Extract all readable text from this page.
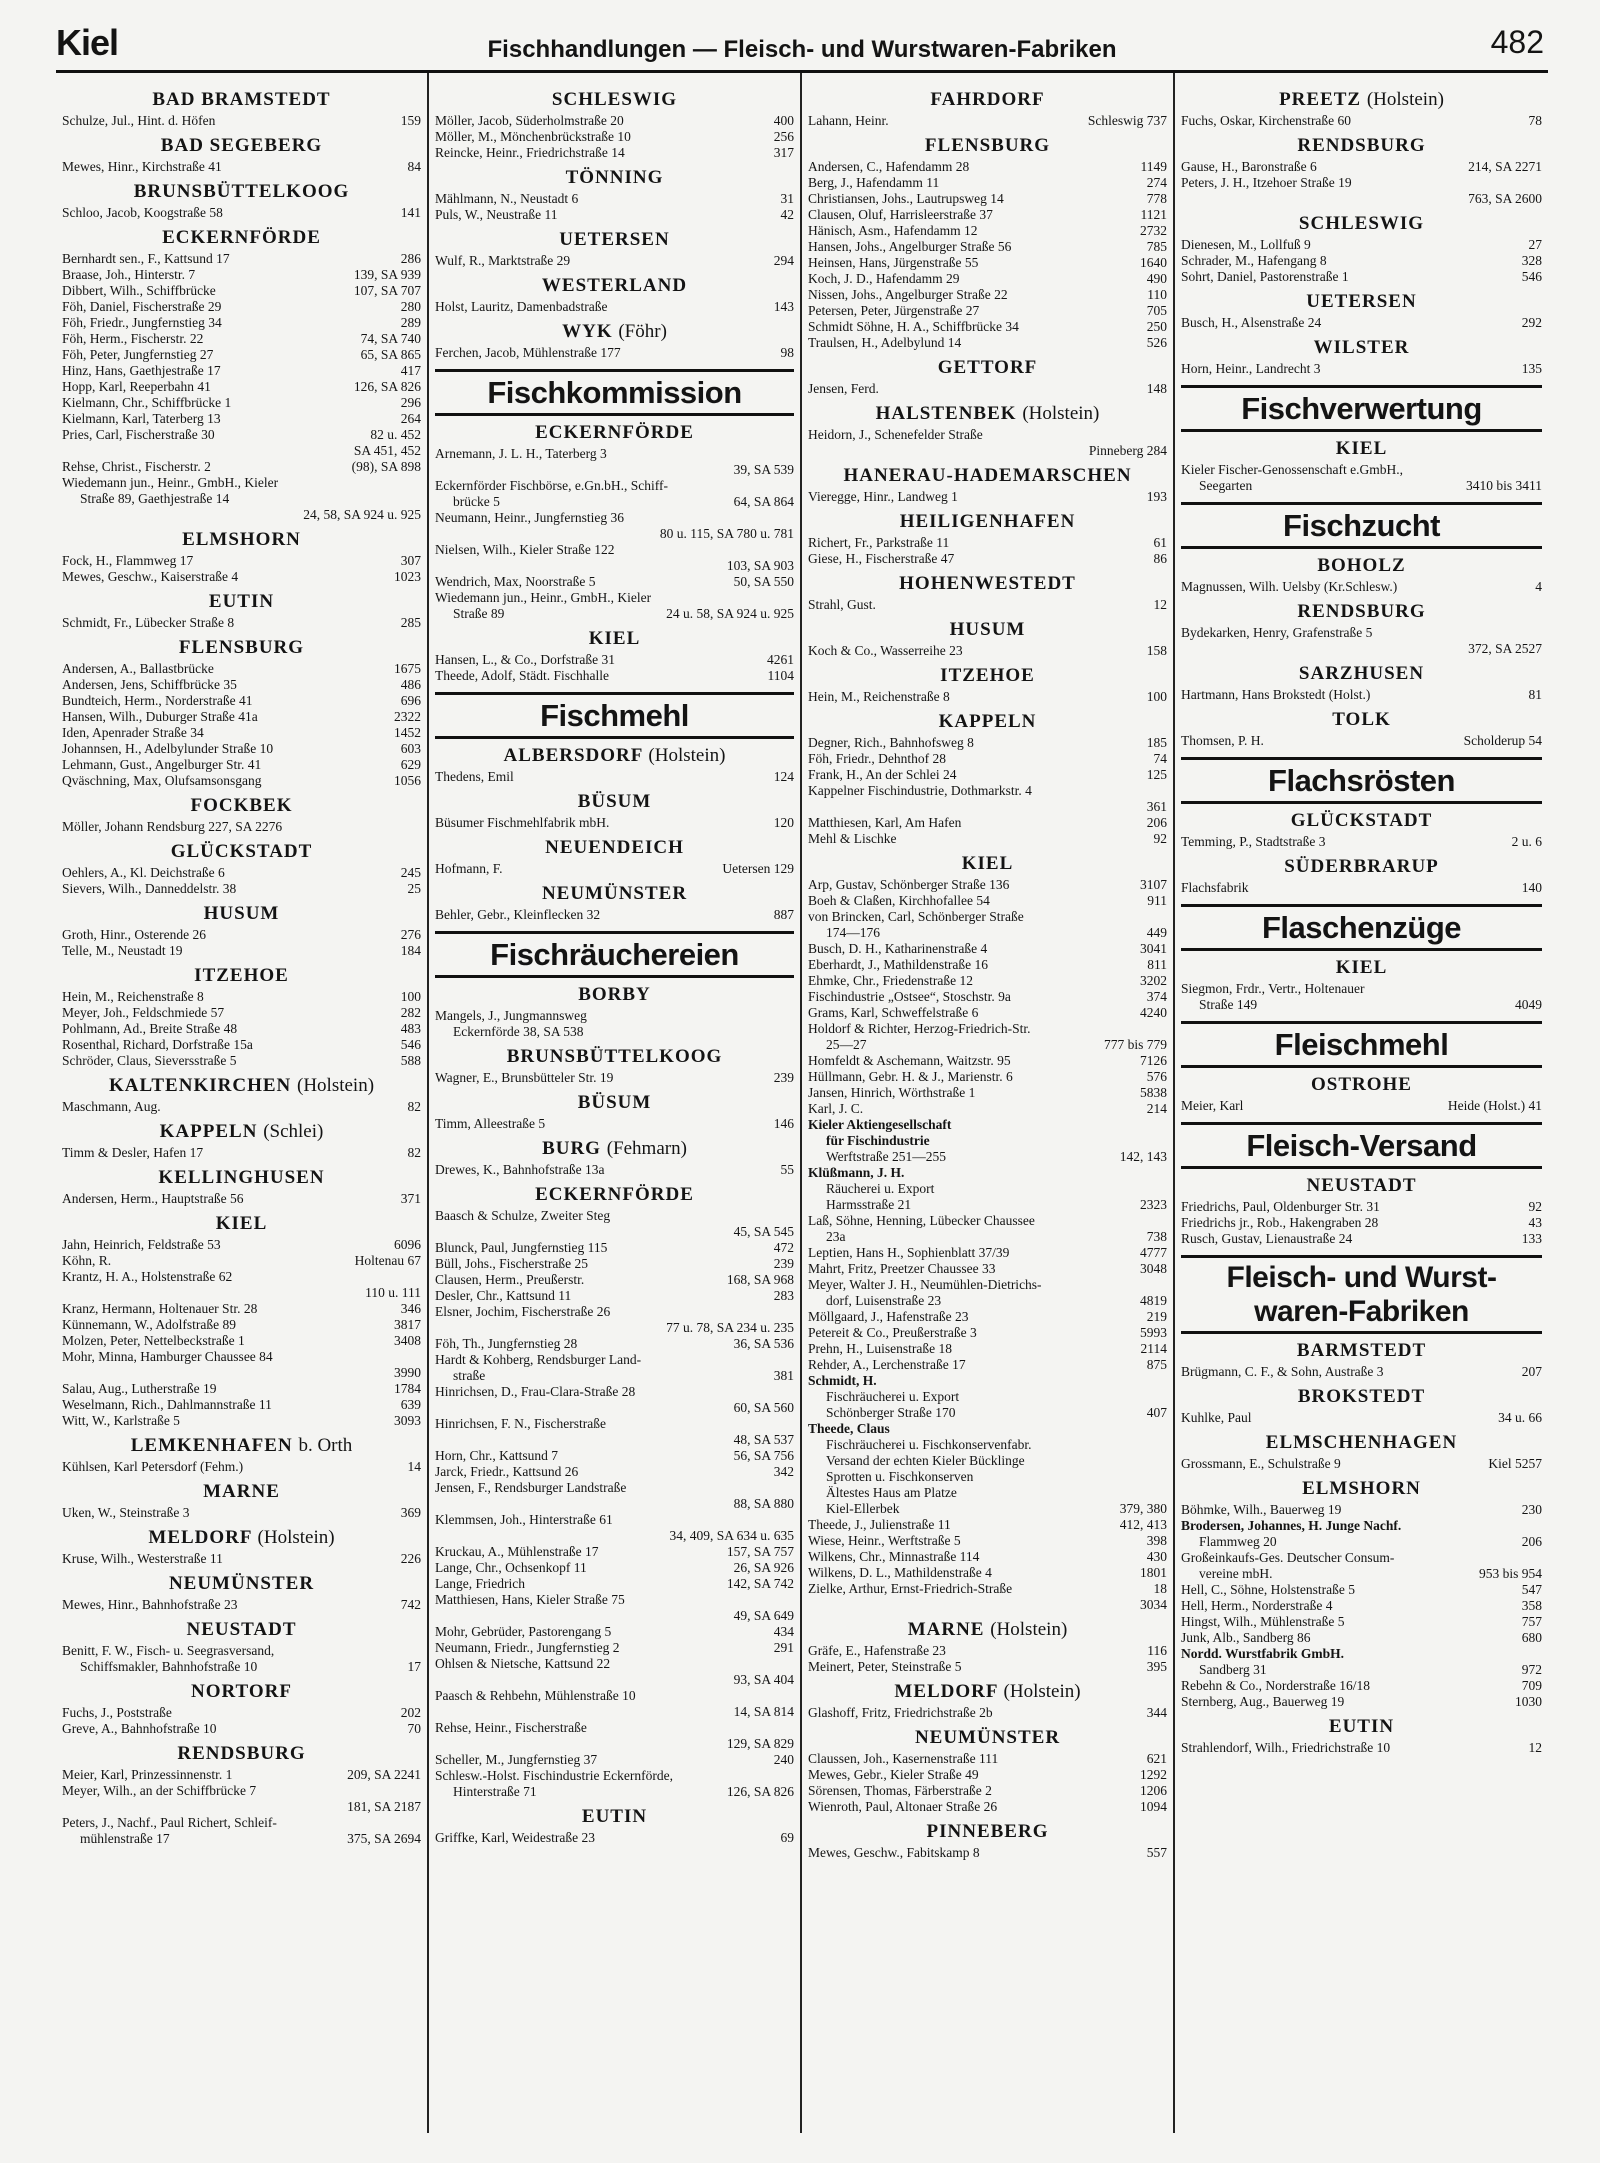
Kiel	Fischhandlungen — Fleisch- und Wurstwaren-Fabriken	482
BAD BRAMSTEDT
Schulze, Jul., Hint. d. Höfen	159
BAD SEGEBERG
Mewes, Hinr., Kirchstraße 41	84
BRUNSBÜTTELKOOG
Schloo, Jacob, Koogstraße 58	141
ECKERNFÖRDE
Bernhardt sen., F., Kattsund 17	286
Braase, Joh., Hinterstr. 7	139, SA 939
Dibbert, Wilh., Schiffbrücke	107, SA 707
Föh, Daniel, Fischerstraße 29	280
Föh, Friedr., Jungfernstieg 34	289
Föh, Herm., Fischerstr. 22	74, SA 740
Föh, Peter, Jungfernstieg 27	65, SA 865
Hinz, Hans, Gaethjestraße 17	417
Hopp, Karl, Reeperbahn 41	126, SA 826
Kielmann, Chr., Schiffbrücke 1	296
Kielmann, Karl, Taterberg 13	264
Pries, Carl, Fischerstraße 30	82 u. 452
SA 451, 452
Rehse, Christ., Fischerstr. 2	(98), SA 898
Wiedemann jun., Heinr., GmbH., Kieler
Straße 89, Gaethjestraße 14
24, 58, SA 924 u. 925
ELMSHORN
Fock, H., Flammweg 17	307
Mewes, Geschw., Kaiserstraße 4	1023
EUTIN
Schmidt, Fr., Lübecker Straße 8	285
FLENSBURG
Andersen, A., Ballastbrücke	1675
Andersen, Jens, Schiffbrücke 35	486
Bundteich, Herm., Norderstraße 41	696
Hansen, Wilh., Duburger Straße 41a	2322
Iden, Apenrader Straße 34	1452
Johannsen, H., Adelbylunder Straße 10	603
Lehmann, Gust., Angelburger Str. 41	629
Qväschning, Max, Olufsamsonsgang	1056
FOCKBEK
Möller, Johann Rendsburg 227, SA 2276
GLÜCKSTADT
Oehlers, A., Kl. Deichstraße 6	245
Sievers, Wilh., Danneddelstr. 38	25
HUSUM
Groth, Hinr., Osterende 26	276
Telle, M., Neustadt 19	184
ITZEHOE
Hein, M., Reichenstraße 8	100
Meyer, Joh., Feldschmiede 57	282
Pohlmann, Ad., Breite Straße 48	483
Rosenthal, Richard, Dorfstraße 15a	546
Schröder, Claus, Sieversstraße 5	588
KALTENKIRCHEN (Holstein)
Maschmann, Aug.	82
KAPPELN (Schlei)
Timm & Desler, Hafen 17	82
KELLINGHUSEN
Andersen, Herm., Hauptstraße 56	371
KIEL
Jahn, Heinrich, Feldstraße 53	6096
Köhn, R.	Holtenau 67
Krantz, H. A., Holstenstraße 62
110 u. 111
Kranz, Hermann, Holtenauer Str. 28	346
Künnemann, W., Adolfstraße 89	3817
Molzen, Peter, Nettelbeckstraße 1	3408
Mohr, Minna, Hamburger Chaussee 84
3990
Salau, Aug., Lutherstraße 19	1784
Weselmann, Rich., Dahlmannstraße 11	639
Witt, W., Karlstraße 5	3093
LEMKENHAFEN b. Orth
Kühlsen, Karl Petersdorf (Fehm.)	14
MARNE
Uken, W., Steinstraße 3	369
MELDORF (Holstein)
Kruse, Wilh., Westerstraße 11	226
NEUMÜNSTER
Mewes, Hinr., Bahnhofstraße 23	742
NEUSTADT
Benitt, F. W., Fisch- u. Seegrasversand,
Schiffsmakler, Bahnhofstraße 10	17
NORTORF
Fuchs, J., Poststraße	202
Greve, A., Bahnhofstraße 10	70
RENDSBURG
Meier, Karl, Prinzessinnenstr. 1	209, SA 2241
Meyer, Wilh., an der Schiffbrücke 7
181, SA 2187
Peters, J., Nachf., Paul Richert, Schleif-
mühlenstraße 17	375, SA 2694
SCHLESWIG
Möller, Jacob, Süderholmstraße 20	400
Möller, M., Mönchenbrückstraße 10	256
Reincke, Heinr., Friedrichstraße 14	317
TÖNNING
Mählmann, N., Neustadt 6	31
Puls, W., Neustraße 11	42
UETERSEN
Wulf, R., Marktstraße 29	294
WESTERLAND
Holst, Lauritz, Damenbadstraße	143
WYK (Föhr)
Ferchen, Jacob, Mühlenstraße 177	98
Fischkommission
ECKERNFÖRDE
Arnemann, J. L. H., Taterberg 3
39, SA 539
Eckernförder Fischbörse, e.Gn.bH., Schiff-
brücke 5	64, SA 864
Neumann, Heinr., Jungfernstieg 36
80 u. 115, SA 780 u. 781
Nielsen, Wilh., Kieler Straße 122
103, SA 903
Wendrich, Max, Noorstraße 5	50, SA 550
Wiedemann jun., Heinr., GmbH., Kieler
Straße 89	24 u. 58, SA 924 u. 925
KIEL
Hansen, L., & Co., Dorfstraße 31	4261
Theede, Adolf, Städt. Fischhalle	1104
Fischmehl
ALBERSDORF (Holstein)
Thedens, Emil	124
BÜSUM
Büsumer Fischmehlfabrik mbH.	120
NEUENDEICH
Hofmann, F.	Uetersen 129
NEUMÜNSTER
Behler, Gebr., Kleinflecken 32	887
Fischräuchereien
BORBY
Mangels, J., Jungmannsweg
Eckernförde 38, SA 538
BRUNSBÜTTELKOOG
Wagner, E., Brunsbütteler Str. 19	239
BÜSUM
Timm, Alleestraße 5	146
BURG (Fehmarn)
Drewes, K., Bahnhofstraße 13a	55
ECKERNFÖRDE
Baasch & Schulze, Zweiter Steg
45, SA 545
Blunck, Paul, Jungfernstieg 115	472
Büll, Johs., Fischerstraße 25	239
Clausen, Herm., Preußerstr.	168, SA 968
Desler, Chr., Kattsund 11	283
Elsner, Jochim, Fischerstraße 26
77 u. 78, SA 234 u. 235
Föh, Th., Jungfernstieg 28	36, SA 536
Hardt & Kohberg, Rendsburger Land-
straße	381
Hinrichsen, D., Frau-Clara-Straße 28
60, SA 560
Hinrichsen, F. N., Fischerstraße
48, SA 537
Horn, Chr., Kattsund 7	56, SA 756
Jarck, Friedr., Kattsund 26	342
Jensen, F., Rendsburger Landstraße
88, SA 880
Klemmsen, Joh., Hinterstraße 61
34, 409, SA 634 u. 635
Kruckau, A., Mühlenstraße 17	157, SA 757
Lange, Chr., Ochsenkopf 11	26, SA 926
Lange, Friedrich	142, SA 742
Matthiesen, Hans, Kieler Straße 75
49, SA 649
Mohr, Gebrüder, Pastorengang 5	434
Neumann, Friedr., Jungfernstieg 2	291
Ohlsen & Nietsche, Kattsund 22
93, SA 404
Paasch & Rehbehn, Mühlenstraße 10
14, SA 814
Rehse, Heinr., Fischerstraße
129, SA 829
Scheller, M., Jungfernstieg 37	240
Schlesw.-Holst. Fischindustrie Eckernförde,
Hinterstraße 71	126, SA 826
EUTIN
Griffke, Karl, Weidestraße 23	69
FAHRDORF
Lahann, Heinr.	Schleswig 737
FLENSBURG
Andersen, C., Hafendamm 28	1149
Berg, J., Hafendamm 11	274
Christiansen, Johs., Lautrupsweg 14	778
Clausen, Oluf, Harrisleerstraße 37	1121
Hänisch, Asm., Hafendamm 12	2732
Hansen, Johs., Angelburger Straße 56	785
Heinsen, Hans, Jürgenstraße 55	1640
Koch, J. D., Hafendamm 29	490
Nissen, Johs., Angelburger Straße 22	110
Petersen, Peter, Jürgenstraße 27	705
Schmidt Söhne, H. A., Schiffbrücke 34	250
Traulsen, H., Adelbylund 14	526
GETTORF
Jensen, Ferd.	148
HALSTENBEK (Holstein)
Heidorn, J., Schenefelder Straße
Pinneberg 284
HANERAU-HADEMARSCHEN
Vieregge, Hinr., Landweg 1	193
HEILIGENHAFEN
Richert, Fr., Parkstraße 11	61
Giese, H., Fischerstraße 47	86
HOHENWESTEDT
Strahl, Gust.	12
HUSUM
Koch & Co., Wasserreihe 23	158
ITZEHOE
Hein, M., Reichenstraße 8	100
KAPPELN
Degner, Rich., Bahnhofsweg 8	185
Föh, Friedr., Dehnthof 28	74
Frank, H., An der Schlei 24	125
Kappelner Fischindustrie, Dothmarkstr. 4
361
Matthiesen, Karl, Am Hafen	206
Mehl & Lischke	92
KIEL
Arp, Gustav, Schönberger Straße 136	3107
Boeh & Claßen, Kirchhofallee 54	911
von Brincken, Carl, Schönberger Straße
174—176	449
Busch, D. H., Katharinenstraße 4	3041
Eberhardt, J., Mathildenstraße 16	811
Ehmke, Chr., Friedenstraße 12	3202
Fischindustrie „Ostsee“, Stoschstr. 9a	374
Grams, Karl, Schweffelstraße 6	4240
Holdorf & Richter, Herzog-Friedrich-Str.
25—27	777 bis 779
Homfeldt & Aschemann, Waitzstr. 95	7126
Hüllmann, Gebr. H. & J., Marienstr. 6	576
Jansen, Hinrich, Wörthstraße 1	5838
Karl, J. C.	214
Kieler Aktiengesellschaft
für Fischindustrie
Werftstraße 251—255	142, 143
Klüßmann, J. H.
Räucherei u. Export
Harmsstraße 21	2323
Laß, Söhne, Henning, Lübecker Chaussee
23a	738
Leptien, Hans H., Sophienblatt 37/39	4777
Mahrt, Fritz, Preetzer Chaussee 33	3048
Meyer, Walter J. H., Neumühlen-Dietrichs-
dorf, Luisenstraße 23	4819
Möllgaard, J., Hafenstraße 23	219
Petereit & Co., Preußerstraße 3	5993
Prehn, H., Luisenstraße 18	2114
Rehder, A., Lerchenstraße 17	875
Schmidt, H.
Fischräucherei u. Export
Schönberger Straße 170	407
Theede, Claus
Fischräucherei u. Fischkonservenfabr.
Versand der echten Kieler Bücklinge
Sprotten u. Fischkonserven
Ältestes Haus am Platze
Kiel-Ellerbek	379, 380
Theede, J., Julienstraße 11	412, 413
Wiese, Heinr., Werftstraße 5	398
Wilkens, Chr., Minnastraße 114	430
Wilkens, D. L., Mathildenstraße 4	1801
Zielke, Arthur, Ernst-Friedrich-Straße	18
3034
MARNE (Holstein)
Gräfe, E., Hafenstraße 23	116
Meinert, Peter, Steinstraße 5	395
MELDORF (Holstein)
Glashoff, Fritz, Friedrichstraße 2b	344
NEUMÜNSTER
Claussen, Joh., Kasernenstraße 111	621
Mewes, Gebr., Kieler Straße 49	1292
Sörensen, Thomas, Färberstraße 2	1206
Wienroth, Paul, Altonaer Straße 26	1094
PINNEBERG
Mewes, Geschw., Fabitskamp 8	557
PREETZ (Holstein)
Fuchs, Oskar, Kirchenstraße 60	78
RENDSBURG
Gause, H., Baronstraße 6	214, SA 2271
Peters, J. H., Itzehoer Straße 19
763, SA 2600
SCHLESWIG
Dienesen, M., Lollfuß 9	27
Schrader, M., Hafengang 8	328
Sohrt, Daniel, Pastorenstraße 1	546
UETERSEN
Busch, H., Alsenstraße 24	292
WILSTER
Horn, Heinr., Landrecht 3	135
Fischverwertung
KIEL
Kieler Fischer-Genossenschaft e.GmbH.,
Seegarten	3410 bis 3411
Fischzucht
BOHOLZ
Magnussen, Wilh. Uelsby (Kr.Schlesw.)	4
RENDSBURG
Bydekarken, Henry, Grafenstraße 5
372, SA 2527
SARZHUSEN
Hartmann, Hans Brokstedt (Holst.)	81
TOLK
Thomsen, P. H.	Scholderup 54
Flachsrösten
GLÜCKSTADT
Temming, P., Stadtstraße 3	2 u. 6
SÜDERBRARUP
Flachsfabrik	140
Flaschenzüge
KIEL
Siegmon, Frdr., Vertr., Holtenauer
Straße 149	4049
Fleischmehl
OSTROHE
Meier, Karl	Heide (Holst.) 41
Fleisch-Versand
NEUSTADT
Friedrichs, Paul, Oldenburger Str. 31	92
Friedrichs jr., Rob., Hakengraben 28	43
Rusch, Gustav, Lienaustraße 24	133
Fleisch- und Wurst-
waren-Fabriken
BARMSTEDT
Brügmann, C. F., & Sohn, Austraße 3	207
BROKSTEDT
Kuhlke, Paul	34 u. 66
ELMSCHENHAGEN
Grossmann, E., Schulstraße 9	Kiel 5257
ELMSHORN
Böhmke, Wilh., Bauerweg 19	230
Brodersen, Johannes, H. Junge Nachf.
Flammweg 20	206
Großeinkaufs-Ges. Deutscher Consum-
vereine mbH.	953 bis 954
Hell, C., Söhne, Holstenstraße 5	547
Hell, Herm., Norderstraße 4	358
Hingst, Wilh., Mühlenstraße 5	757
Junk, Alb., Sandberg 86	680
Nordd. Wurstfabrik GmbH.
Sandberg 31	972
Rebehn & Co., Norderstraße 16/18	709
Sternberg, Aug., Bauerweg 19	1030
EUTIN
Strahlendorf, Wilh., Friedrichstraße 10	12
